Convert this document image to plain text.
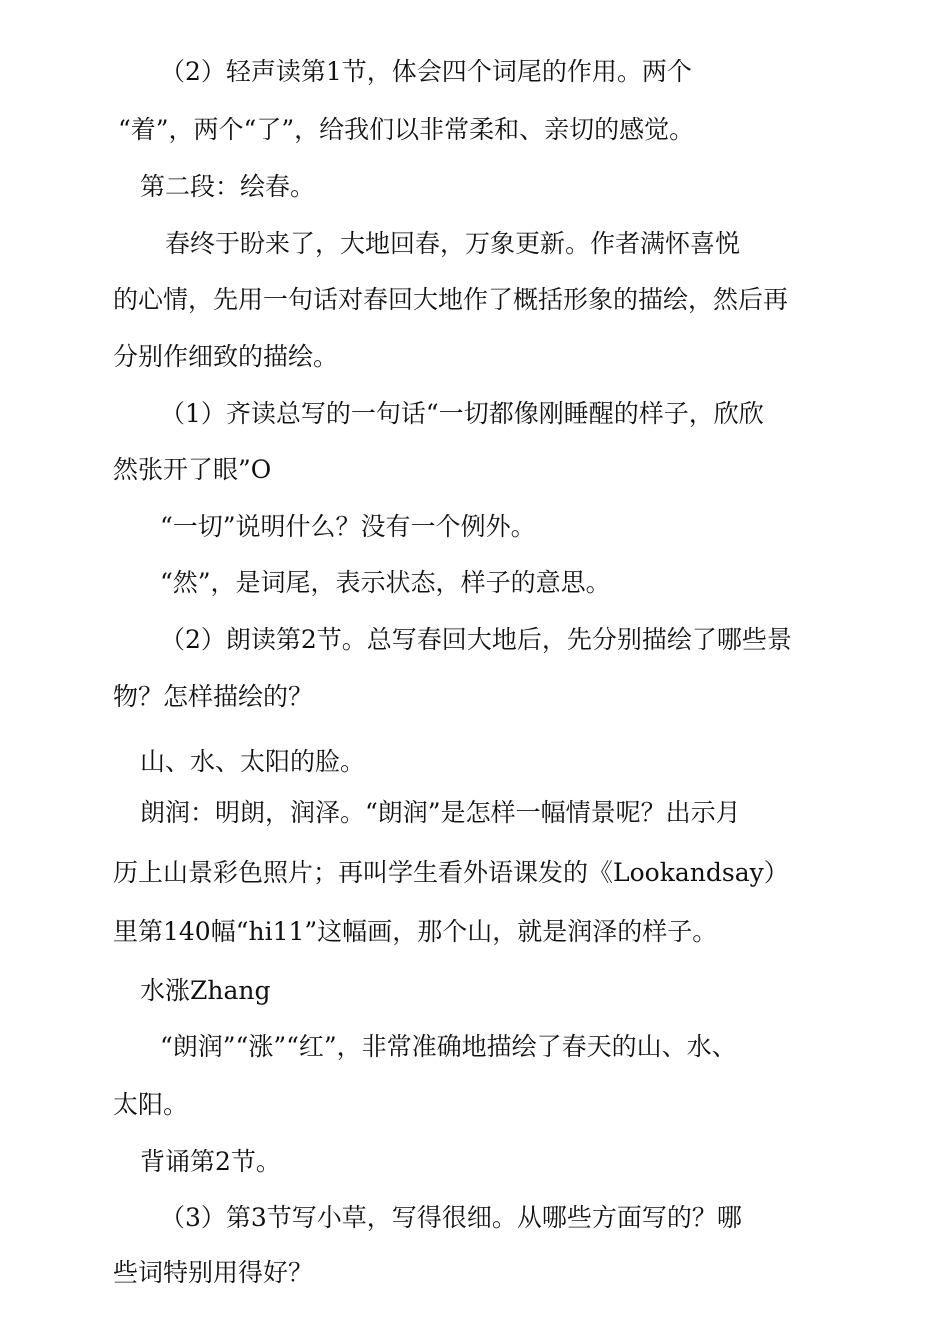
（2）轻声读第1节，体会四个词尾的作用。两个

“着”，两个“了”，给我们以非常柔和、亲切的感觉。

第二段：绘春。

春终于盼来了，大地回春，万象更新。作者满怀喜悦

的心情，先用一句话对春回大地作了概括形象的描绘，然后再

分别作细致的描绘。

（1）齐读总写的一句话“一切都像刚睡醒的样子，欣欣

然张开了眼”O

“一切”说明什么？没有一个例外。

“然”，是词尾，表示状态，样子的意思。

（2）朗读第2节。总写春回大地后，先分别描绘了哪些景

物？怎样描绘的？

山、水、太阳的脸。

朗润：明朗，润泽。“朗润”是怎样一幅情景呢？出示月

历上山景彩色照片；再叫学生看外语课发的《Lookandsay）

里第140幅“hi11”这幅画，那个山，就是润泽的样子。

水涨Zhang

“朗润”“涨”“红”，非常准确地描绘了春天的山、水、

太阳。

背诵第2节。

（3）第3节写小草，写得很细。从哪些方面写的？哪

些词特别用得好？
